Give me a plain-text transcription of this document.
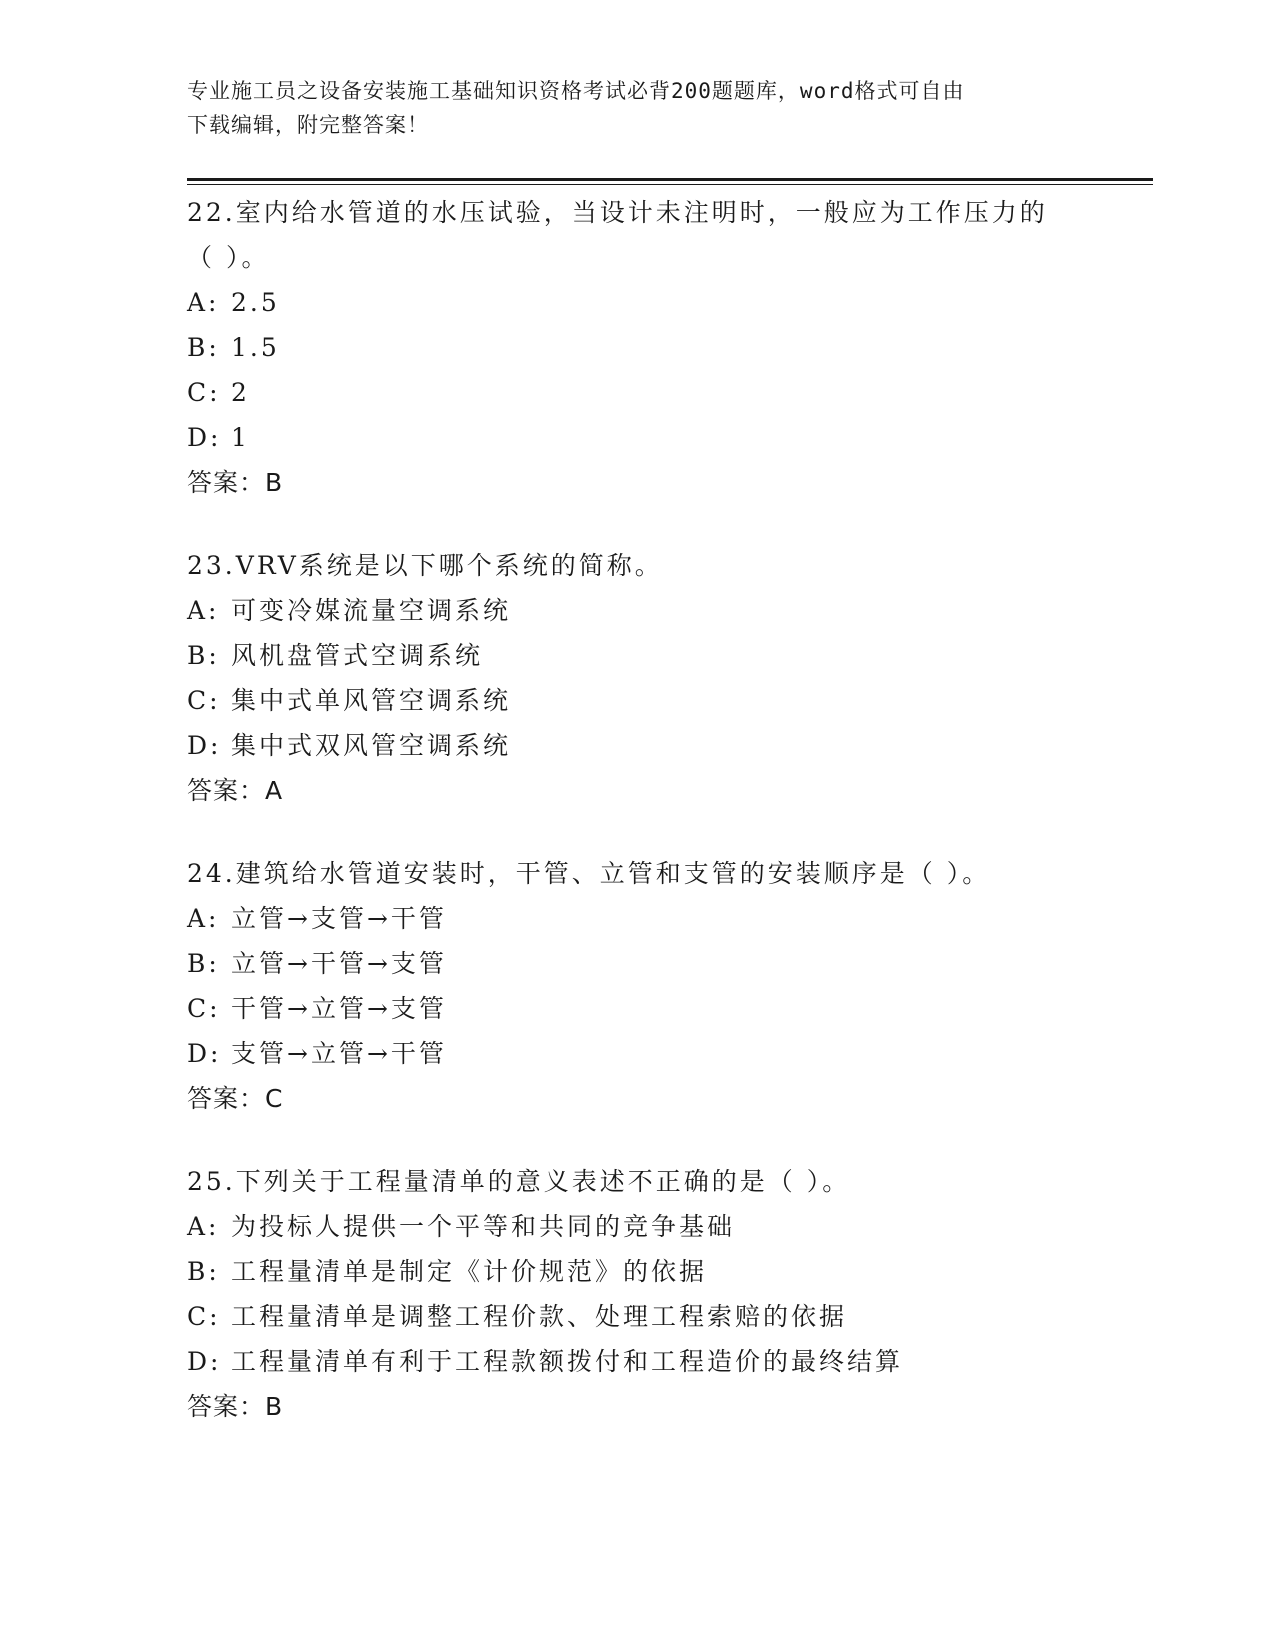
专业施工员之设备安装施工基础知识资格考试必背200题题库，word格式可自由
下载编辑，附完整答案！
22.室内给水管道的水压试验，当设计未注明时，一般应为工作压力的
（ ）。
A: 2.5
B: 1.5
C: 2
D: 1
答案：B
23.VRV系统是以下哪个系统的简称。
A: 可变冷媒流量空调系统
B: 风机盘管式空调系统
C: 集中式单风管空调系统
D: 集中式双风管空调系统
答案：A
24.建筑给水管道安装时，干管、立管和支管的安装顺序是（ ）。
A: 立管→支管→干管
B: 立管→干管→支管
C: 干管→立管→支管
D: 支管→立管→干管
答案：C
25.下列关于工程量清单的意义表述不正确的是（ ）。
A: 为投标人提供一个平等和共同的竞争基础
B: 工程量清单是制定《计价规范》的依据
C: 工程量清单是调整工程价款、处理工程索赔的依据
D: 工程量清单有利于工程款额拨付和工程造价的最终结算
答案：B
